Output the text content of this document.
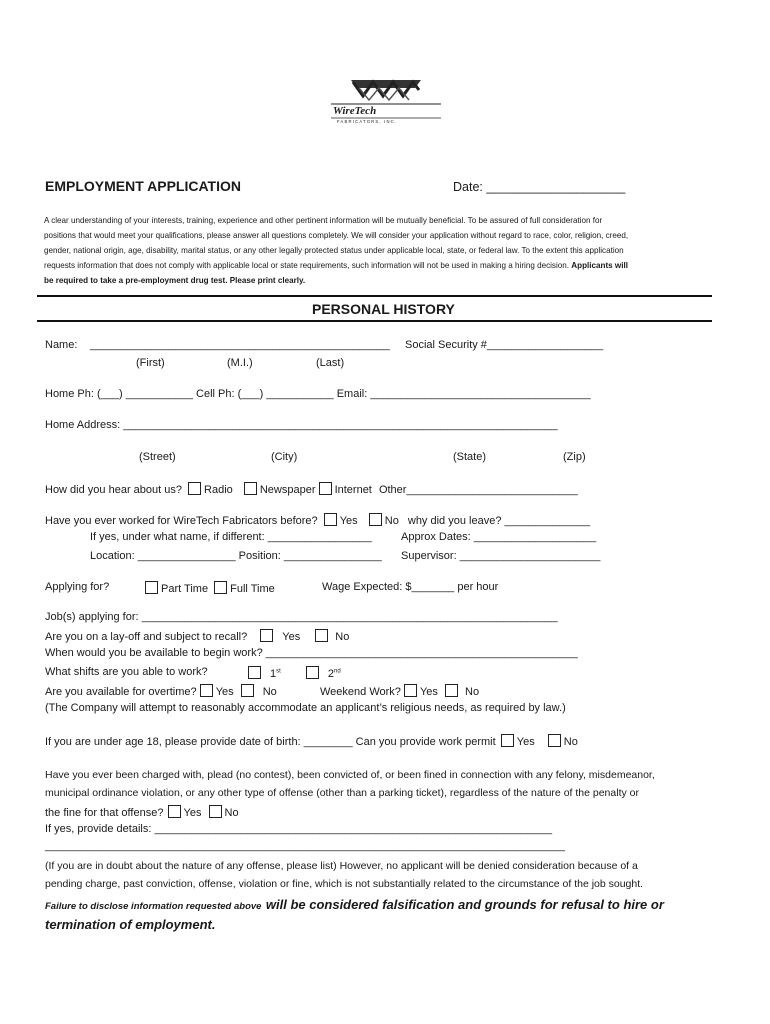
WireTech
FABRICATORS, INC.
EMPLOYMENT APPLICATION	Date: ____________________

A clear understanding of your interests, training, experience and other pertinent information will be mutually beneficial. To be assured of full consideration for

positions that would meet your qualifications, please answer all questions completely. We will consider your application without regard to race, color, religion, creed,

gender, national origin, age, disability, marital status, or any other legally protected status under applicable local, state, or federal law. To the extent this application

requests information that does not comply with applicable local or state requirements, such information will not be used in making a hiring decision. Applicants will

be required to take a pre-employment drug test. Please print clearly.

PERSONAL HISTORY
Name: _________________________________________________ Social Security #___________________
(First)	(M.I.)	(Last)
Home Ph: (___) ___________ Cell Ph: (___) ___________ Email: ____________________________________
Home Address: _______________________________________________________________________
(Street)	(City)	(State)	(Zip)
How did you hear about us? Radio Newspaper Internet Other____________________________
Have you ever worked for WireTech Fabricators before? Yes No why did you leave? ______________
If yes, under what name, if different: _________________	Approx Dates: ____________________
Location: ________________ Position: ________________ Supervisor: _______________________
Applying for?	Part Time Full Time	Wage Expected: $_______ per hour
Job(s) applying for: ____________________________________________________________________
Are you on a lay-off and subject to recall?	Yes	No
When would you be available to begin work? ___________________________________________________
What shifts are you able to work?	1st	2nd
Are you available for overtime? Yes	No	Weekend Work? Yes No
(The Company will attempt to reasonably accommodate an applicant’s religious needs, as required by law.)
If you are under age 18, please provide date of birth: ________ Can you provide work permit Yes	No
Have you ever been charged with, plead (no contest), been convicted of, or been fined in connection with any felony, misdemeanor,
municipal ordinance violation, or any other type of offense (other than a parking ticket), regardless of the nature of the penalty or
the fine for that offense? Yes No
If yes, provide details: _________________________________________________________________
_____________________________________________________________________________________
(If you are in doubt about the nature of any offense, please list) However, no applicant will be denied consideration because of a
pending charge, past conviction, offense, violation or fine, which is not substantially related to the circumstance of the job sought.
Failure to disclose information requested above will be considered falsification and grounds for refusal to hire or
termination of employment.
